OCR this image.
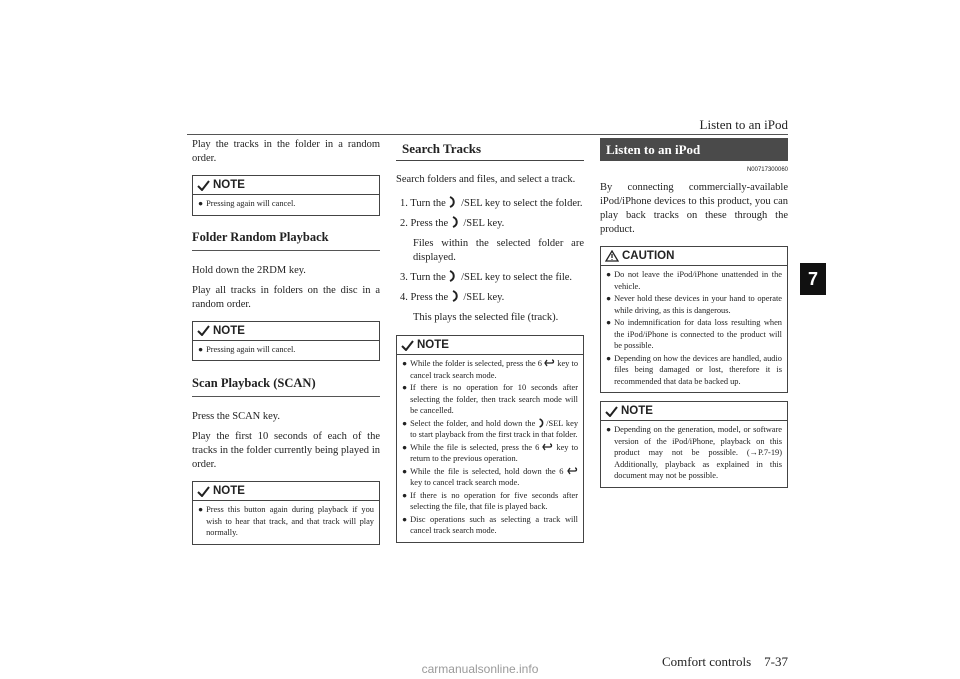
Listen to an iPod
7

Play the tracks in the folder in a random order.

NOTE
● Pressing again will cancel.
Folder Random Playback

Hold down the 2RDM key.

Play all tracks in folders on the disc in a random order.

NOTE
● Pressing again will cancel.
Scan Playback (SCAN)

Press the SCAN key.

Play the first 10 seconds of each of the tracks in the folder currently being played in order.

NOTE
● Press this button again during playback if you wish to hear that track, and that track will play normally.
Search Tracks

Search folders and files, and select a track.

1. Turn the /SEL key to select the folder.
2. Press the /SEL key.

Files within the selected folder are displayed.

3. Turn the /SEL key to select the file.
4. Press the /SEL key.

This plays the selected file (track).

NOTE
● While the folder is selected, press the 6 key to cancel track search mode.
● If there is no operation for 10 seconds after selecting the folder, then track search mode will be cancelled.
● Select the folder, and hold down the /SEL key to start playback from the first track in that folder.
● While the file is selected, press the 6 key to return to the previous operation.
● While the file is selected, hold down the 6  key to cancel track search mode.
● If there is no operation for five seconds after selecting the file, that file is played back.
● Disc operations such as selecting a track will cancel track search mode.
Listen to an iPod
N00717300060

By connecting commercially-available iPod/iPhone devices to this product, you can play back tracks on these through the product.

CAUTION
● Do not leave the iPod/iPhone unattended in the vehicle.
● Never hold these devices in your hand to operate while driving, as this is dangerous.
● No indemnification for data loss resulting when the iPod/iPhone is connected to the product will be possible.
● Depending on how the devices are handled, audio files being damaged or lost, therefore it is recommended that data be backed up.
NOTE
● Depending on the generation, model, or software version of the iPod/iPhone, playback on this product may not be possible. (→P.7-19) Additionally, playback as explained in this document may not be possible.
Comfort controls 7-37
carmanualsonline.info
